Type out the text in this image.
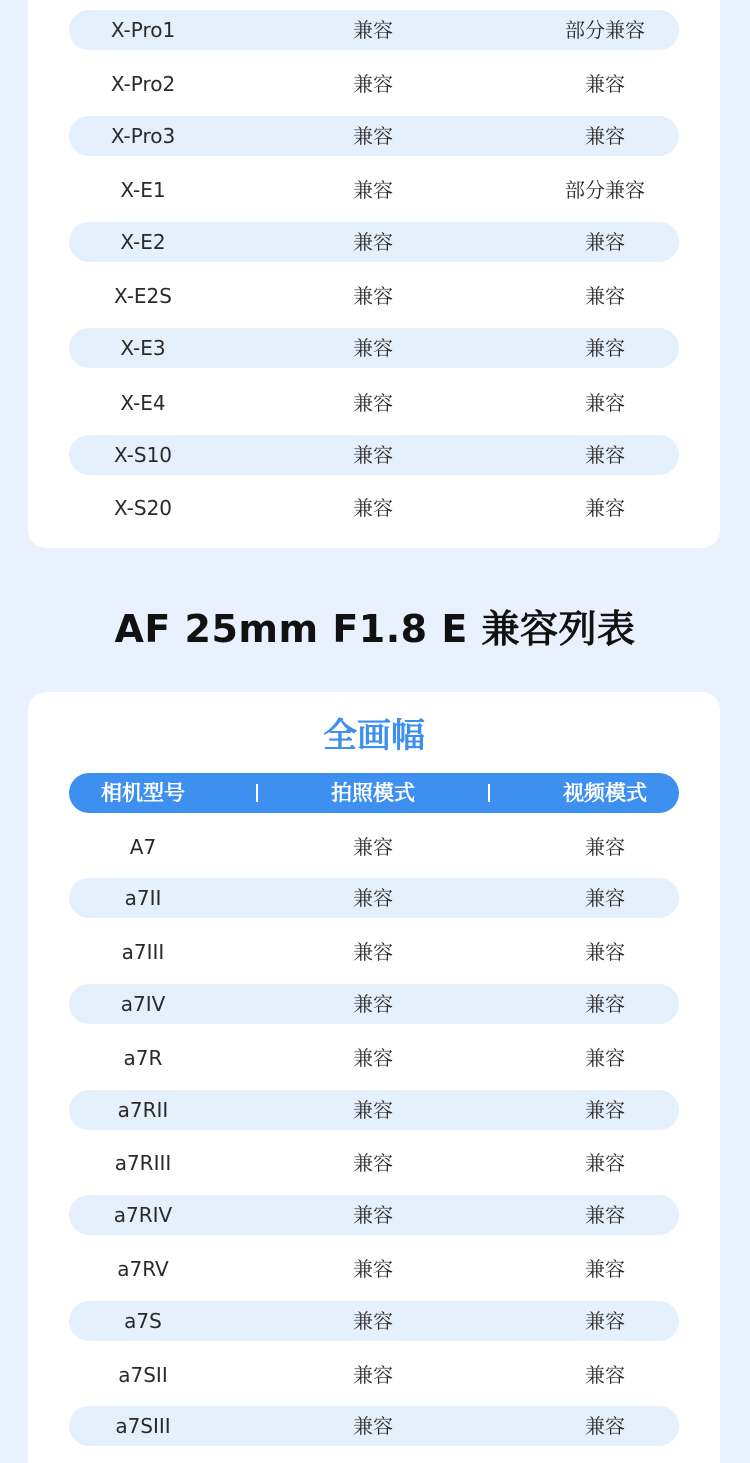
X-Pro1	兼容	部分兼容
X-Pro2	兼容	兼容
X-Pro3	兼容	兼容
X-E1	兼容	部分兼容
X-E2	兼容	兼容
X-E2S	兼容	兼容
X-E3	兼容	兼容
X-E4	兼容	兼容
X-S10	兼容	兼容
X-S20	兼容	兼容
AF 25mm F1.8 E 兼容列表
全画幅
相机型号	拍照模式	视频模式
A7	兼容	兼容
a7II	兼容	兼容
a7III	兼容	兼容
a7IV	兼容	兼容
a7R	兼容	兼容
a7RII	兼容	兼容
a7RIII	兼容	兼容
a7RIV	兼容	兼容
a7RV	兼容	兼容
a7S	兼容	兼容
a7SII	兼容	兼容
a7SIII	兼容	兼容
